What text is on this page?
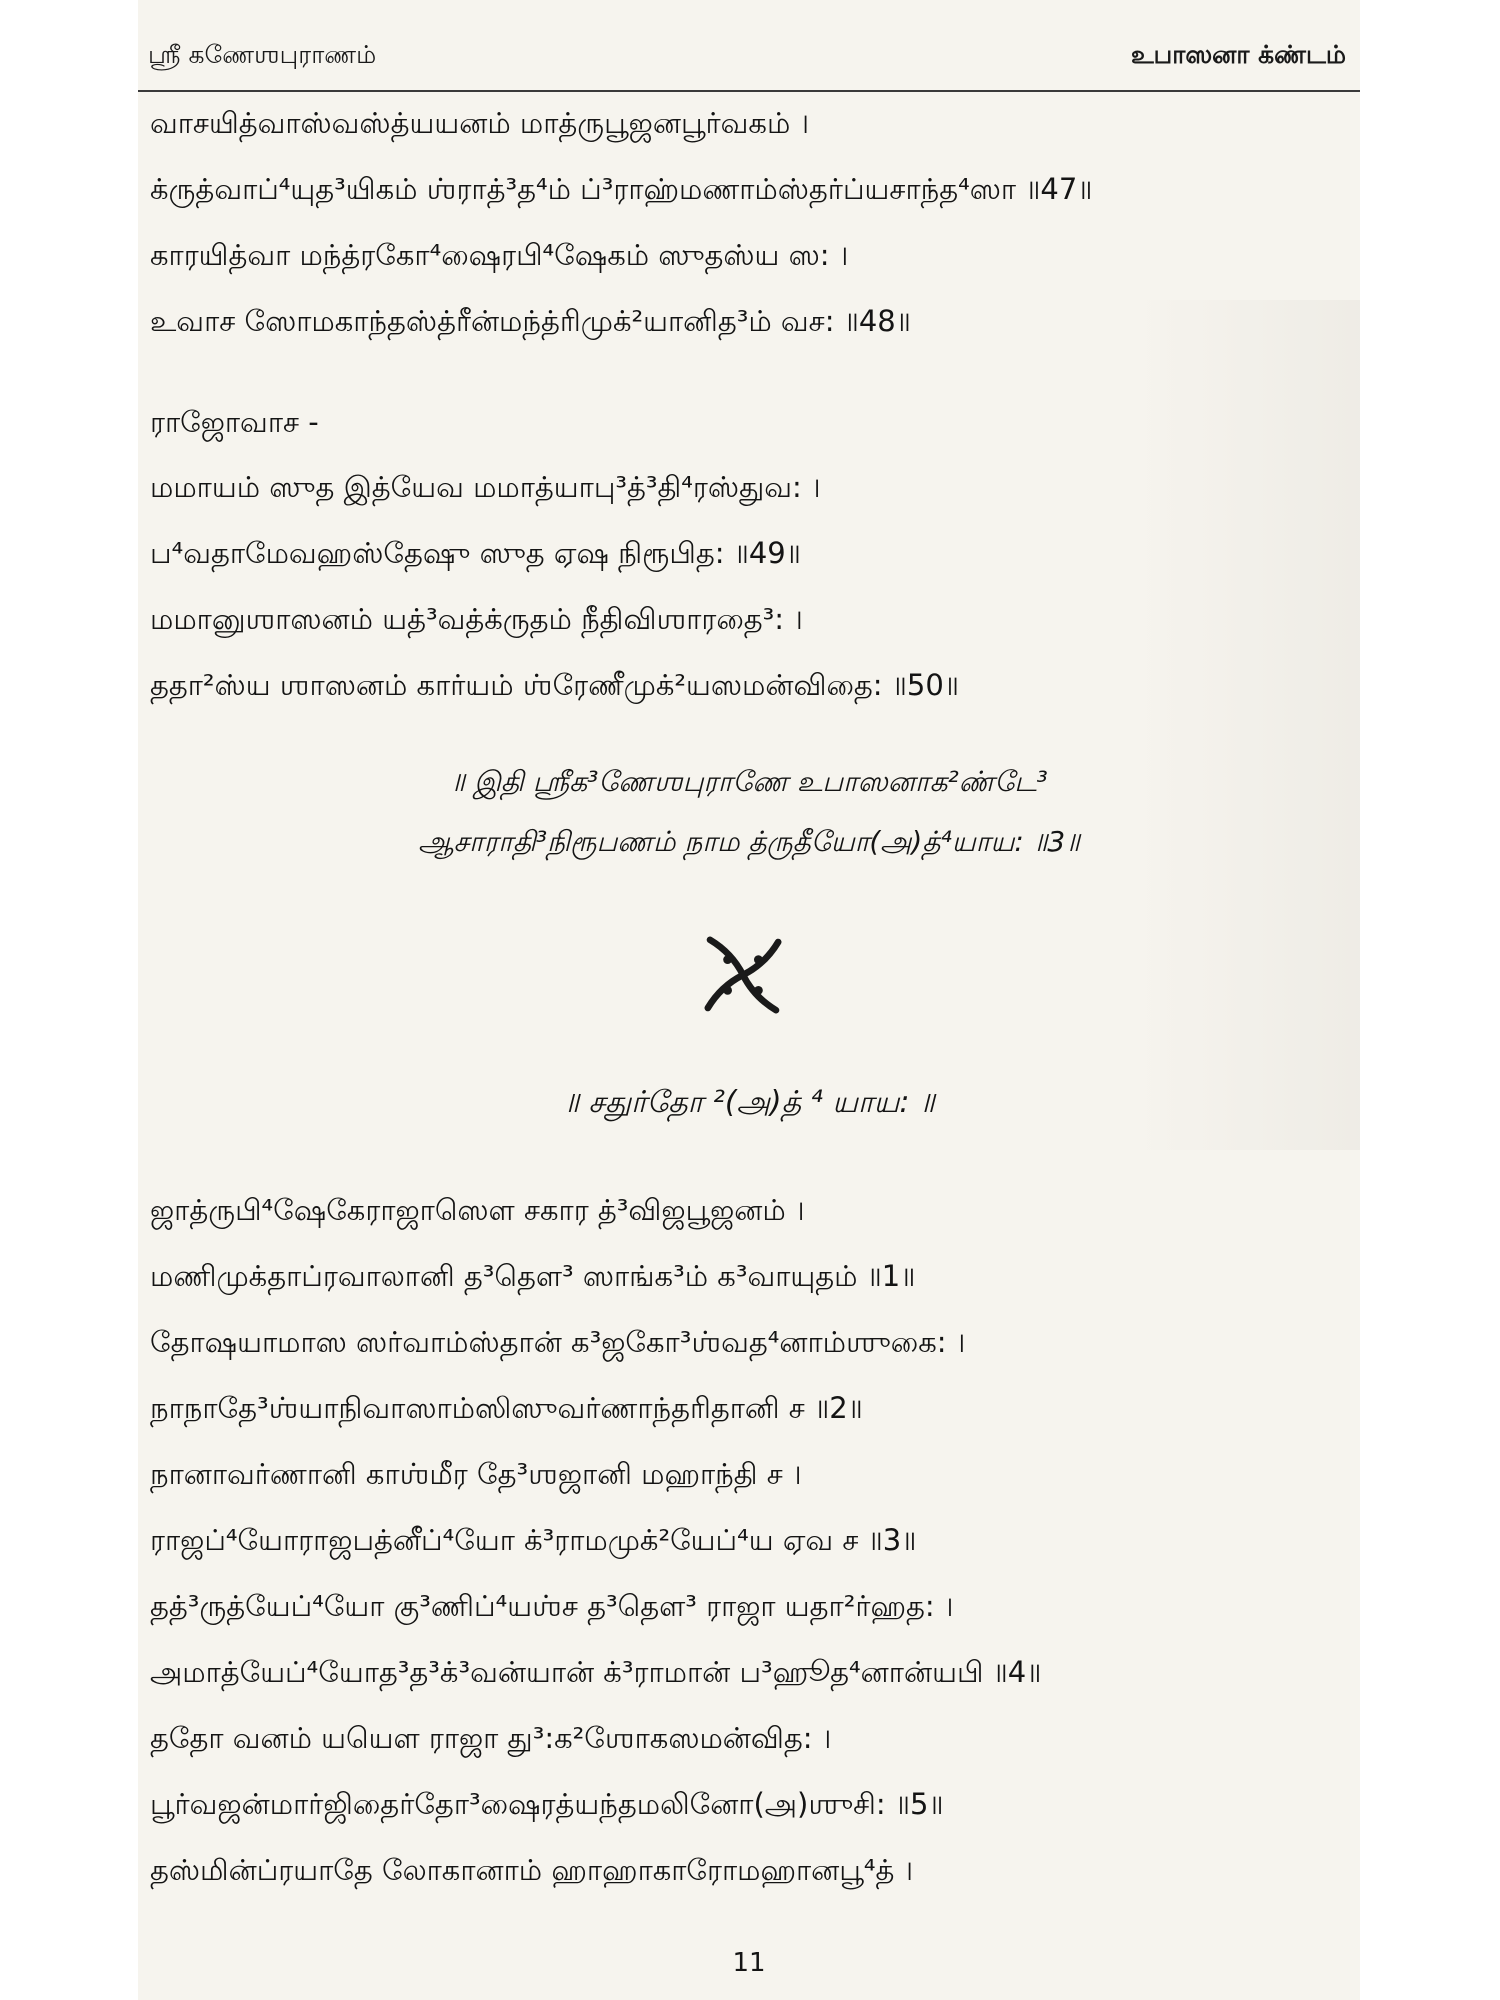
ஸ்ரீ கணேஶபுராணம்	உபாஸனா க்ண்டம்
வாசயித்வாஸ்வஸ்த்யயனம் மாத்ருபூஜனபூர்வகம் ।
க்ருத்வாப்⁴யுத³யிகம் ஶ்ராத்³த⁴ம் ப்³ராஹ்மணாம்ஸ்தர்ப்யசாந்த⁴ஸா ॥47॥
காரயித்வா மந்த்ரகோ⁴ஷைரபி⁴ஷேகம் ஸுதஸ்ய ஸ꞉ ।
உவாச ஸோமகாந்தஸ்த்ரீன்மந்த்ரிமுக்²யானித³ம் வச꞉ ॥48॥
ராஜோவாச -
மமாயம் ஸுத இத்யேவ மமாத்யாபு³த்³தி⁴ரஸ்துவ꞉ ।
ப⁴வதாமேவஹஸ்தேஷு ஸுத ஏஷ நிரூபித꞉ ॥49॥
மமானுஶாஸனம் யத்³வத்க்ருதம் நீதிவிஶாரதை³꞉ ।
ததா²ஸ்ய ஶாஸனம் கார்யம் ஶ்ரேணீமுக்²யஸமன்விதை꞉ ॥50॥
॥ இதி ஶ்ரீக³ணேஶபுராணே உபாஸனாக²ண்டே³
ஆசாராதி³நிரூபணம் நாம த்ருதீயோ(அ)த்⁴யாய꞉ ॥3॥
॥ சதுர்தோ ²(அ)த் ⁴ யாய꞉ ॥
ஜாத்ருபி⁴ஷேகேராஜாஸௌ சகார த்³விஜபூஜனம் ।
மணிமுக்தாப்ரவாலானி த³தௌ³ ஸாங்க³ம் க³வாயுதம் ॥1॥
தோஷயாமாஸ ஸர்வாம்ஸ்தான் க³ஜகோ³ஶ்வத⁴னாம்ஶுகை꞉ ।
நாநாதே³ஶ்யாநிவாஸாம்ஸிஸுவர்ணாந்தரிதானி ச ॥2॥
நானாவர்ணானி காஶ்மீர தே³ஶஜானி மஹாந்தி ச ।
ராஜப்⁴யோராஜபத்னீப்⁴யோ க்³ராமமுக்²யேப்⁴ய ஏவ ச ॥3॥
தத்³ருத்யேப்⁴யோ கு³ணிப்⁴யஶ்ச த³தௌ³ ராஜா யதா²ர்ஹத꞉ ।
அமாத்யேப்⁴யோத³த³க்³வன்யான் க்³ராமான் ப³ஹூத⁴னான்யபி ॥4॥
ததோ வனம் யயௌ ராஜா து³꞉க²ஶோகஸமன்வித꞉ ।
பூர்வஜன்மார்ஜிதைர்தோ³ஷைரத்யந்தமலினோ(அ)ஶுசி꞉ ॥5॥
தஸ்மின்ப்ரயாதே லோகானாம் ஹாஹாகாரோமஹானபூ⁴த் ।
11
